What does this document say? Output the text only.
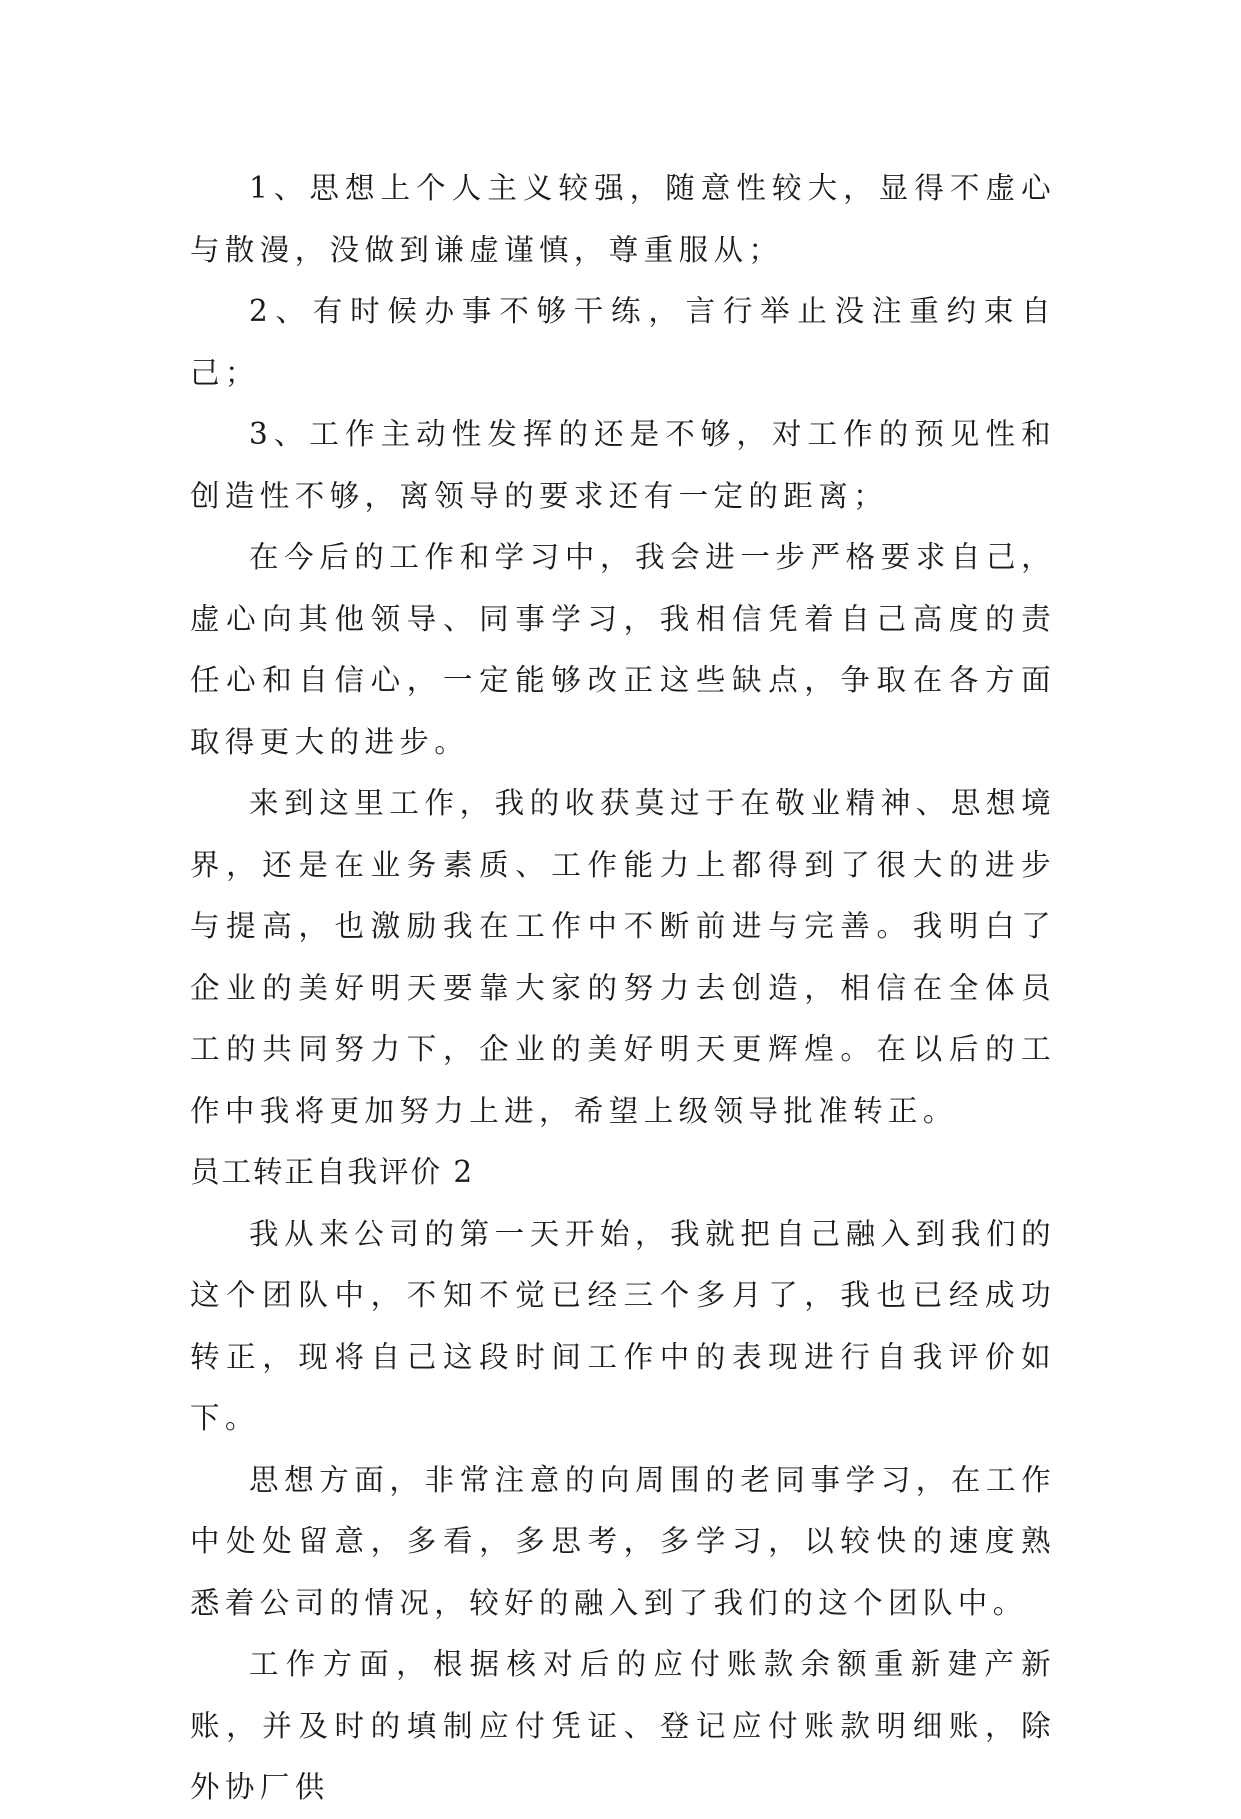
1、思想上个人主义较强，随意性较大，显得不虚心与散漫，没做到谦虚谨慎，尊重服从；

2、有时候办事不够干练，言行举止没注重约束自己；

3、工作主动性发挥的还是不够，对工作的预见性和创造性不够，离领导的要求还有一定的距离；

在今后的工作和学习中，我会进一步严格要求自己，虚心向其他领导、同事学习，我相信凭着自己高度的责任心和自信心，一定能够改正这些缺点，争取在各方面取得更大的进步。

来到这里工作，我的收获莫过于在敬业精神、思想境界，还是在业务素质、工作能力上都得到了很大的进步与提高，也激励我在工作中不断前进与完善。我明白了企业的美好明天要靠大家的努力去创造，相信在全体员工的共同努力下，企业的美好明天更辉煌。在以后的工作中我将更加努力上进，希望上级领导批准转正。

员工转正自我评价 2

我从来公司的第一天开始，我就把自己融入到我们的这个团队中，不知不觉已经三个多月了，我也已经成功转正，现将自己这段时间工作中的表现进行自我评价如下。

思想方面，非常注意的向周围的老同事学习，在工作中处处留意，多看，多思考，多学习，以较快的速度熟悉着公司的情况，较好的融入到了我们的这个团队中。

工作方面，根据核对后的应付账款余额重新建产新账，并及时的填制应付凭证、登记应付账款明细账，除外协厂供
